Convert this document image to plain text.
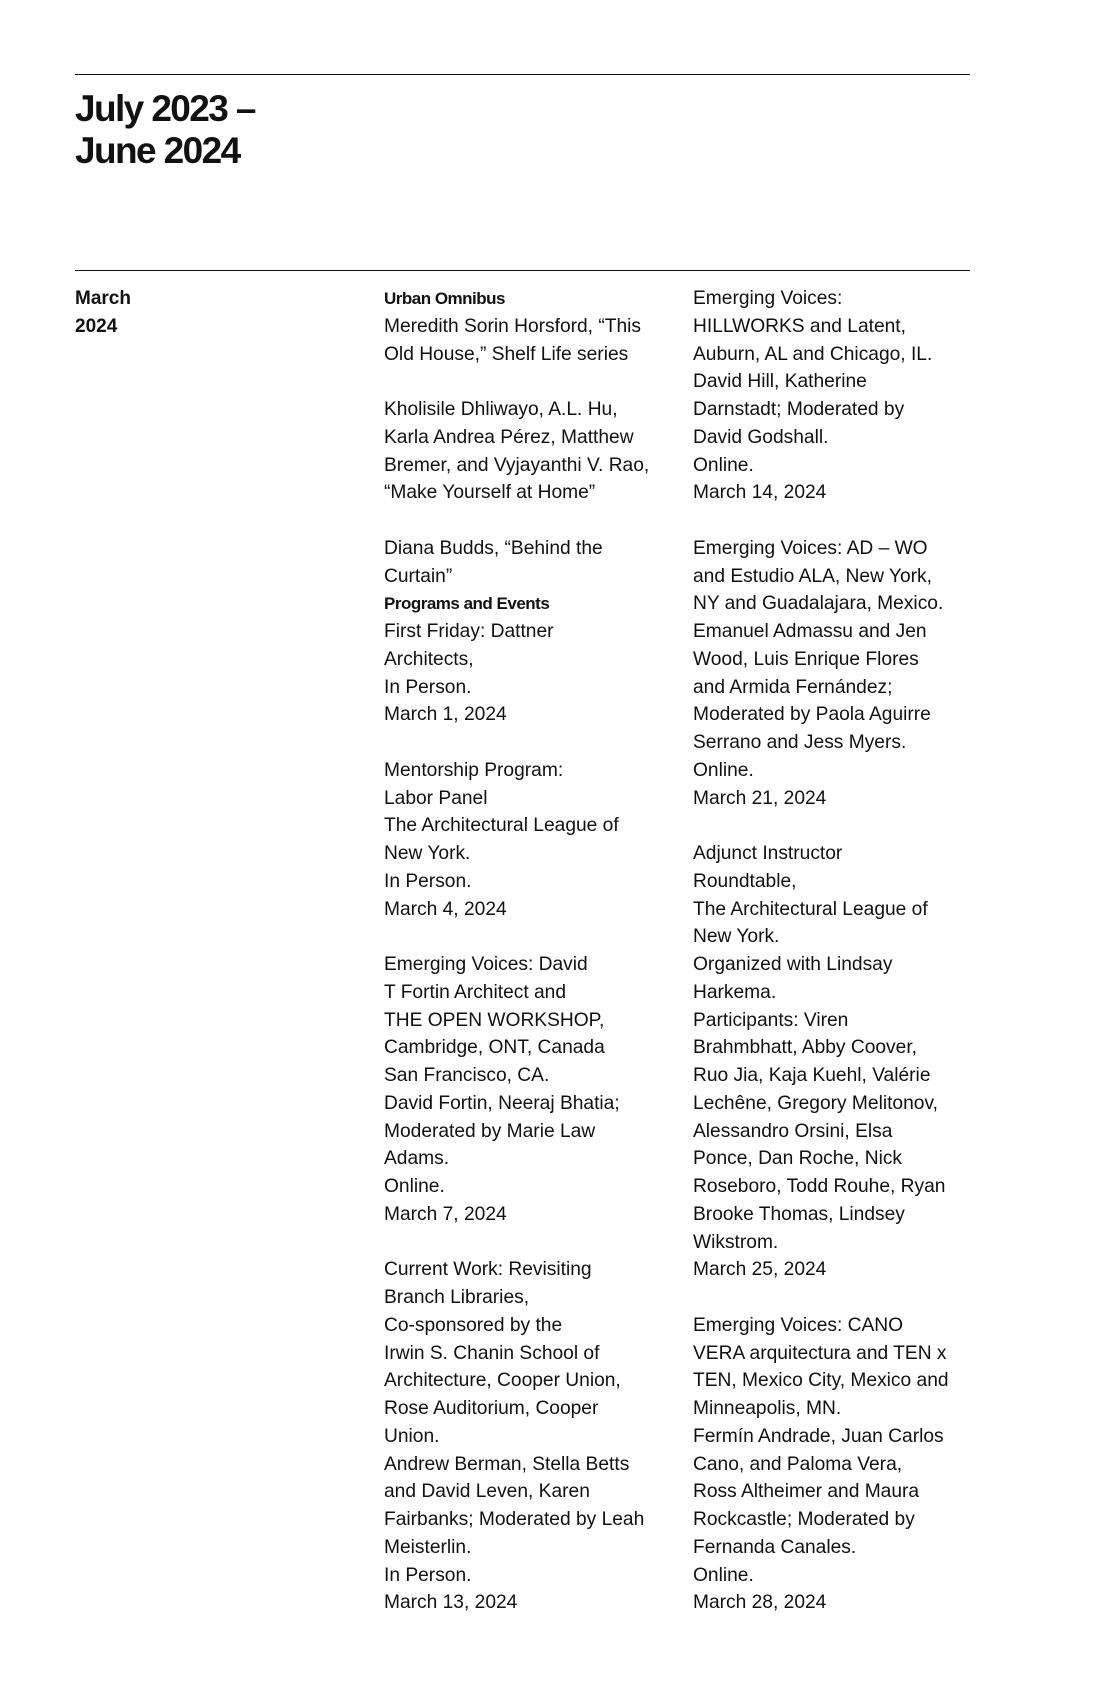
July 2023 –
June 2024
March
2024
Urban Omnibus
Meredith Sorin Horsford, “This
Old House,” Shelf Life series
Kholisile Dhliwayo, A.L. Hu,
Karla Andrea Pérez, Matthew
Bremer, and Vyjayanthi V. Rao,
“Make Yourself at Home”
Diana Budds, “Behind the
Curtain”
Programs and Events
First Friday: Dattner
Architects,
In Person.
March 1, 2024
Mentorship Program:
Labor Panel
The Architectural League of
New York.
In Person.
March 4, 2024
Emerging Voices: David
T Fortin Architect and
THE OPEN WORKSHOP,
Cambridge, ONT, Canada
San Francisco, CA.
David Fortin, Neeraj Bhatia;
Moderated by Marie Law
Adams.
Online.
March 7, 2024
Current Work: Revisiting
Branch Libraries,
Co-sponsored by the
Irwin S. Chanin School of
Architecture, Cooper Union,
Rose Auditorium, Cooper
Union.
Andrew Berman, Stella Betts
and David Leven, Karen
Fairbanks; Moderated by Leah
Meisterlin.
In Person.
March 13, 2024
Emerging Voices:
HILLWORKS and Latent,
Auburn, AL and Chicago, IL.
David Hill, Katherine
Darnstadt; Moderated by
David Godshall.
Online.
March 14, 2024
Emerging Voices: AD – WO
and Estudio ALA, New York,
NY and Guadalajara, Mexico.
Emanuel Admassu and Jen
Wood, Luis Enrique Flores
and Armida Fernández;
Moderated by Paola Aguirre
Serrano and Jess Myers.
Online.
March 21, 2024
Adjunct Instructor
Roundtable,
The Architectural League of
New York.
Organized with Lindsay
Harkema.
Participants: Viren
Brahmbhatt, Abby Coover,
Ruo Jia, Kaja Kuehl, Valérie
Lechêne, Gregory Melitonov,
Alessandro Orsini, Elsa
Ponce, Dan Roche, Nick
Roseboro, Todd Rouhe, Ryan
Brooke Thomas, Lindsey
Wikstrom.
March 25, 2024
Emerging Voices: CANO
VERA arquitectura and TEN x
TEN, Mexico City, Mexico and
Minneapolis, MN.
Fermín Andrade, Juan Carlos
Cano, and Paloma Vera,
Ross Altheimer and Maura
Rockcastle; Moderated by
Fernanda Canales.
Online.
March 28, 2024
